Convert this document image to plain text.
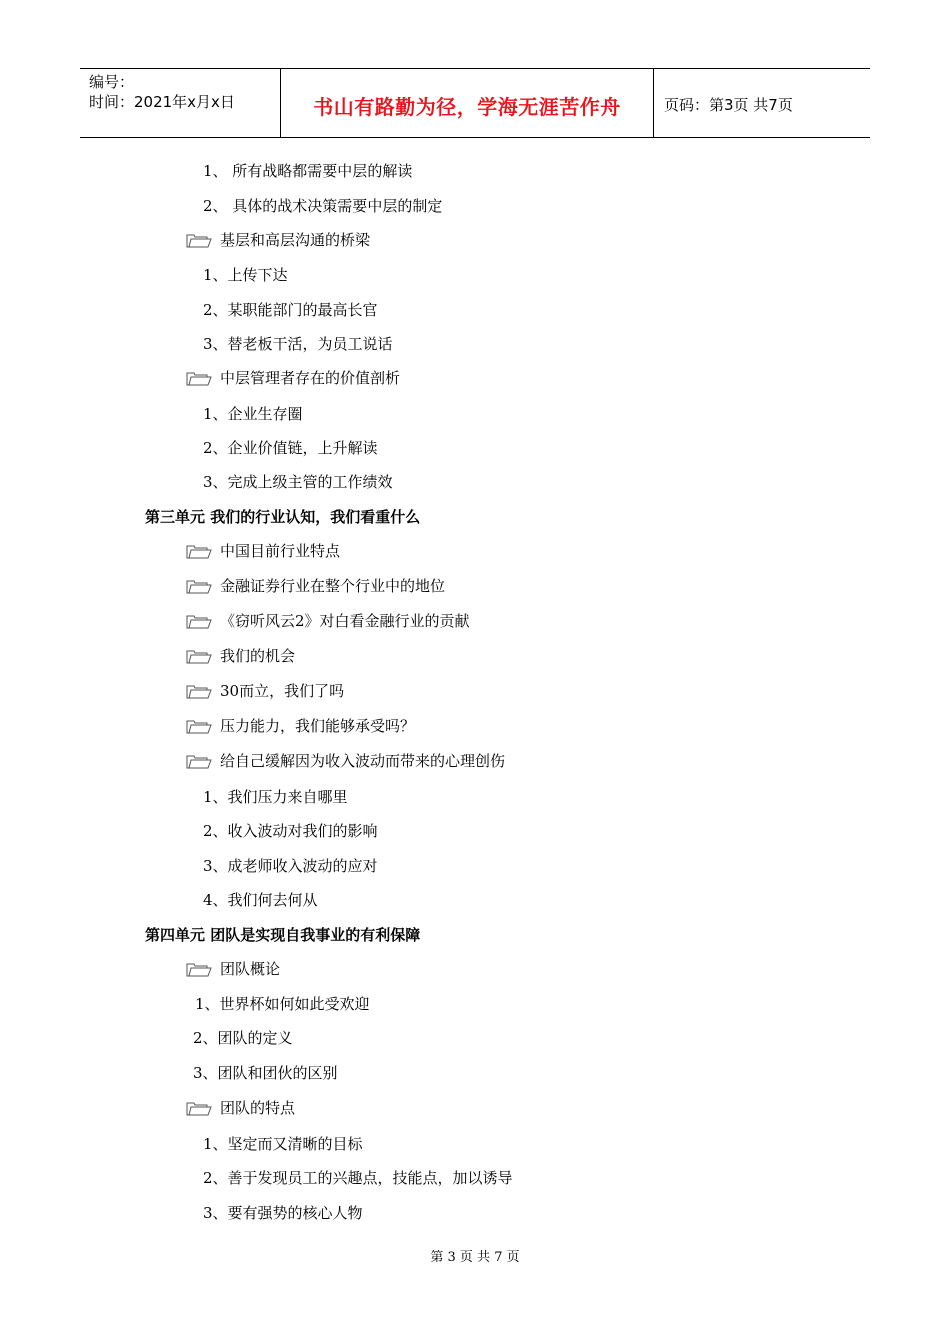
编号：
时间：2021年x月x日	书山有路勤为径，学海无涯苦作舟	页码：第3页 共7页
1、 所有战略都需要中层的解读
2、 具体的战术决策需要中层的制定
基层和高层沟通的桥梁
1、上传下达
2、某职能部门的最高长官
3、替老板干活，为员工说话
中层管理者存在的价值剖析
1、企业生存圈
2、企业价值链，上升解读
3、完成上级主管的工作绩效
第三单元 我们的行业认知，我们看重什么
中国目前行业特点
金融证券行业在整个行业中的地位
《窃听风云2》对白看金融行业的贡献
我们的机会
30而立，我们了吗
压力能力，我们能够承受吗？
给自己缓解因为收入波动而带来的心理创伤
1、我们压力来自哪里
2、收入波动对我们的影响
3、成老师收入波动的应对
4、我们何去何从
第四单元 团队是实现自我事业的有利保障
团队概论
1、世界杯如何如此受欢迎
2、团队的定义
3、团队和团伙的区别
团队的特点
1、坚定而又清晰的目标
2、善于发现员工的兴趣点，技能点，加以诱导
3、要有强势的核心人物
第 3 页 共 7 页
